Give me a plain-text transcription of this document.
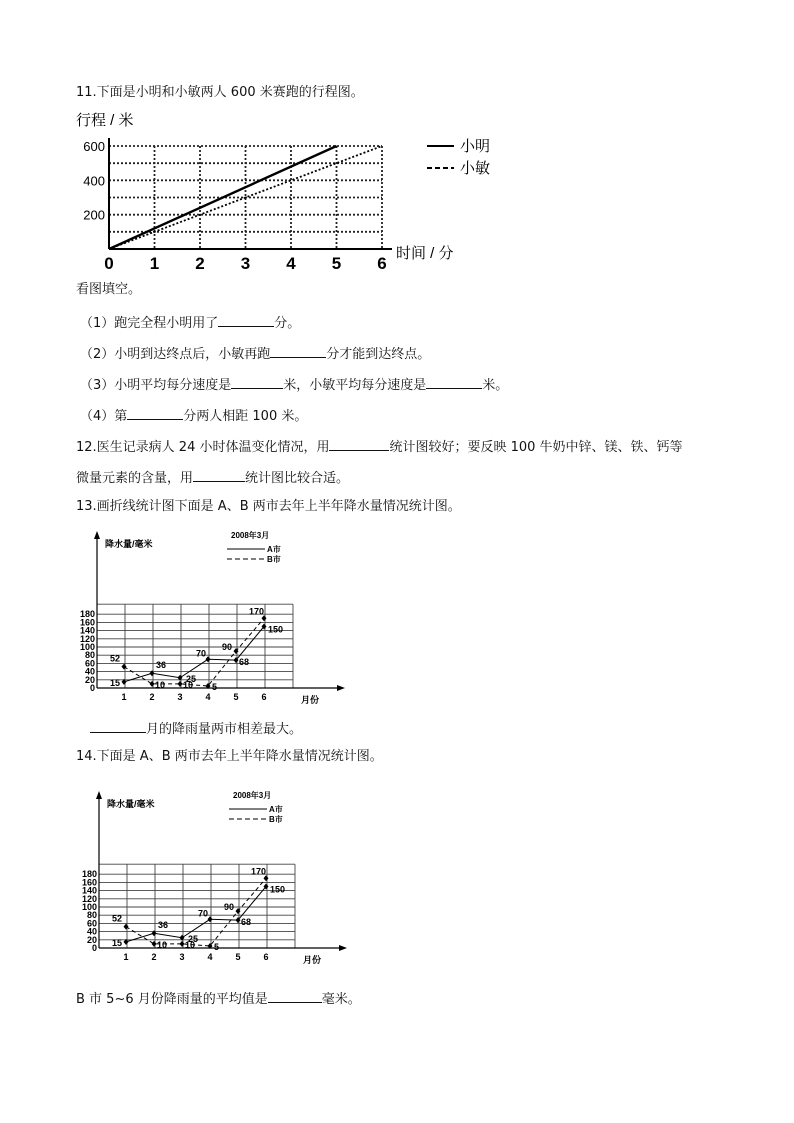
11.下面是小明和小敏两人 600 米赛跑的行程图。
0 1 2 3 4 5 6
200
400
600
行程 / 米
时间 / 分
小明
小敏
看图填空。
（1）跑完全程小明用了	分。
（2）小明到达终点后，小敏再跑	分才能到达终点。
（3）小明平均每分速度是	米，小敏平均每分速度是	米。
（4）第	分两人相距 100 米。
12.医生记录病人 24 小时体温变化情况，用	统计图较好；要反映 100 牛奶中锌、镁、铁、钙等
微量元素的含量，用	统计图比较合适。
13.画折线统计图下面是 A、B 两市去年上半年降水量情况统计图。
0
20
40
60
80
100
120
140
160
180
1	2	3	4	5	6
降水量/毫米
月份
2008年3月
A市
B市
15
36
25
70
68
150
52
10 10 5
90
170
月的降雨量两市相差最大。
14.下面是 A、B 两市去年上半年降水量情况统计图。
0
20
40
60
80
100
120
140
160
180
1	2	3	4	5	6
降水量/毫米
月份
2008年3月
A市
B市
15
36
25
70
68
150
52
10 10 5
90
170
B 市 5~6 月份降雨量的平均值是	毫米。
